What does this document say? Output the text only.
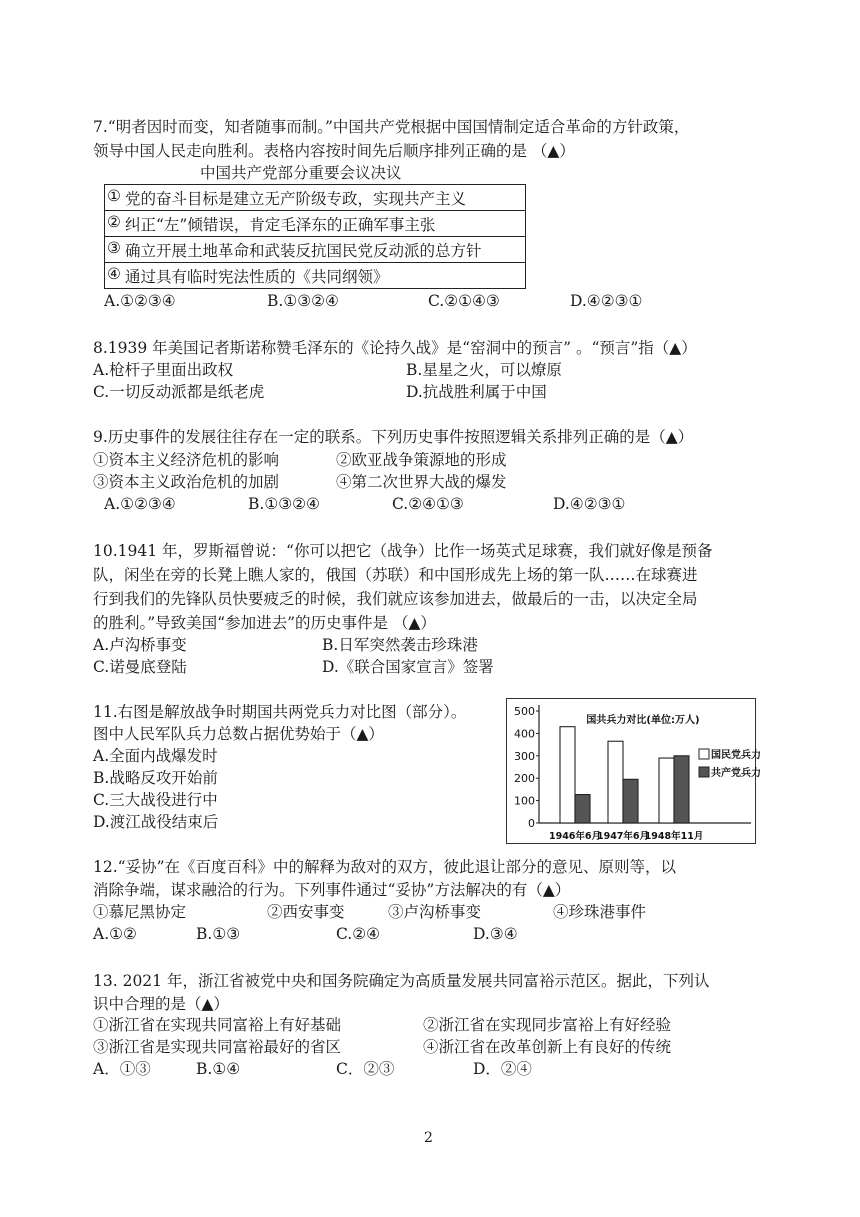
7.“明者因时而变，知者随事而制。”中国共产党根据中国国情制定适合革命的方针政策，
领导中国人民走向胜利。表格内容按时间先后顺序排列正确的是 （▲）
中国共产党部分重要会议决议
① 党的奋斗目标是建立无产阶级专政，实现共产主义

② 纠正“左”倾错误，肯定毛泽东的正确军事主张

③ 确立开展土地革命和武装反抗国民党反动派的总方针

④ 通过具有临时宪法性质的《共同纲领》
A.①②③④	B.①③②④	C.②①④③	D.④②③①
8.1939 年美国记者斯诺称赞毛泽东的《论持久战》是“窑洞中的预言” 。“预言”指（▲）
A.枪杆子里面出政权	B.星星之火，可以燎原
C.一切反动派都是纸老虎	D.抗战胜利属于中国
9.历史事件的发展往往存在一定的联系。下列历史事件按照逻辑关系排列正确的是（▲）
①资本主义经济危机的影响	②欧亚战争策源地的形成
③资本主义政治危机的加剧	④第二次世界大战的爆发
A.①②③④	B.①③②④	C.②④①③	D.④②③①
10.1941 年，罗斯福曾说：“你可以把它（战争）比作一场英式足球赛，我们就好像是预备
队，闲坐在旁的长凳上瞧人家的，俄国（苏联）和中国形成先上场的第一队……在球赛进
行到我们的先锋队员快要疲乏的时候，我们就应该参加进去，做最后的一击，以决定全局
的胜利。”导致美国“参加进去”的历史事件是 （▲）
A.卢沟桥事变	B.日军突然袭击珍珠港
C.诺曼底登陆	D.《联合国家宣言》签署
11.右图是解放战争时期国共两党兵力对比图（部分）。
图中人民军队兵力总数占据优势始于（▲）
A.全面内战爆发时
B.战略反攻开始前
C.三大战役进行中
D.渡江战役结束后	0
100
200
300
400
500
国共兵力对比(单位:万人)
1946年6月
1947年6月
1948年11月
国民党兵力
共产党兵力
12.“妥协”在《百度百科》中的解释为敌对的双方，彼此退让部分的意见、原则等，以
消除争端，谋求融洽的行为。下列事件通过“妥协”方法解决的有（▲）
①慕尼黑协定	②西安事变	③卢沟桥事变	④珍珠港事件
A.①②	B.①③	C.②④	D.③④
13. 2021 年，浙江省被党中央和国务院确定为高质量发展共同富裕示范区。据此，下列认
识中合理的是（▲）
①浙江省在实现共同富裕上有好基础	②浙江省在实现同步富裕上有好经验
③浙江省是实现共同富裕最好的省区	④浙江省在改革创新上有良好的传统
A．①③	B.①④	C．②③	D．②④
2
